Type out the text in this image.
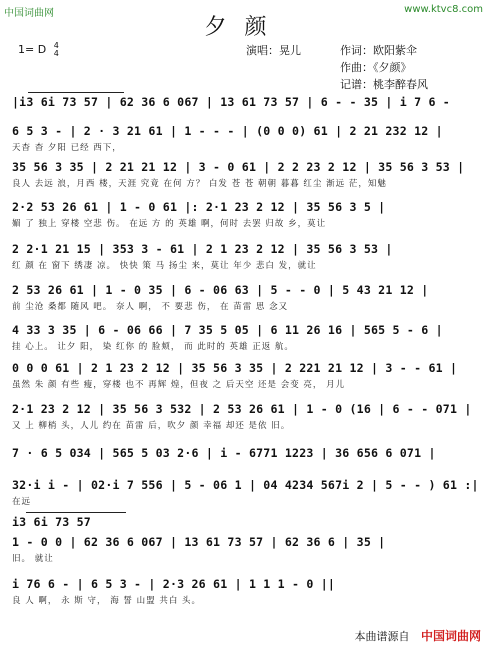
中国词曲网	www.ktvc8.com
夕颜
1= D 4
4	演唱：晃儿	作词：欧阳紫伞
作曲：《夕颜》
记谱：桃李醉春风
|i3 6i 73 57 | 62 36 6 067 | 13 61 73 57 | 6 - - 35 | i 7 6 -
6 5 3 - | 2 · 3 21 61 | 1 - - - | (0 0 0) 61 | 2 21 232 12 |
天杳 杳 夕阳 已经 西下，
35 56 3 35 | 2 21 21 12 | 3 - 0 61 | 2 2 23 2 12 | 35 56 3 53 |
良人 去远 浪，月西 楼，天涯 究竟 在何 方？ 白发 苍 苍 朝朝 暮暮 红尘 渐远 茫，知魅
2·2 53 26 61 | 1 - 0 61 |: 2·1 23 2 12 | 35 56 3 5 |
媚 了 独上 穿楼 空悲 伤。 在远 方 的 英雄 啊，何时 去罢 归故 乡，莫让
2 2·1 21 15 | 353 3 - 61 | 2 1 23 2 12 | 35 56 3 53 |
红 颜 在 窗下 绣凄 凉。 快快 策 马 扬尘 来，莫让 年少 悲白 发，就让
2 53 26 61 | 1 - 0 35 | 6 - 06 63 | 5 - - 0 | 5 43 21 12 |
前 尘沧 桑都 随风 吧。 奈人 啊， 不 要悲 伤， 在 苗雷 思 念又
4 33 3 35 | 6 - 06 66 | 7 35 5 05 | 6 11 26 16 | 565 5 - 6 |
挂 心上。 让夕 阳， 染 红你 的 脸颊， 而 此时的 英雄 正返 航。
0 0 0 61 | 2 1 23 2 12 | 35 56 3 35 | 2 221 21 12 | 3 - - 61 |
虽然 朱 颜 有些 瘦，穿楼 也不 再辉 煌，但夜 之 后天空 还是 会变 亮， 月儿
2·1 23 2 12 | 35 56 3 532 | 2 53 26 61 | 1 - 0 (16 | 6 - - 071 |
又 上 柳梢 头，人儿 约在 苗雷 后，吹夕 颜 幸福 却还 是依 旧。
7 · 6 5 034 | 565 5 03 2·6 | i - 6771 1223 | 36 656 6 071 |
32·i i - | 02·i 7 556 | 5 - 06 1 | 04 4234 567i 2 | 5 - - ) 61 :|
在远
i3 6i 73 57
1 - 0 0 | 62 36 6 067 | 13 61 73 57 | 62 36 6 | 35 |
旧。 就让
i 76 6 - | 6 5 3 - | 2·3 26 61 | 1 1 1 - 0 ||
良 人 啊， 永 斯 守， 海 誓 山盟 共白 头。
本曲谱源自 中国词曲网
